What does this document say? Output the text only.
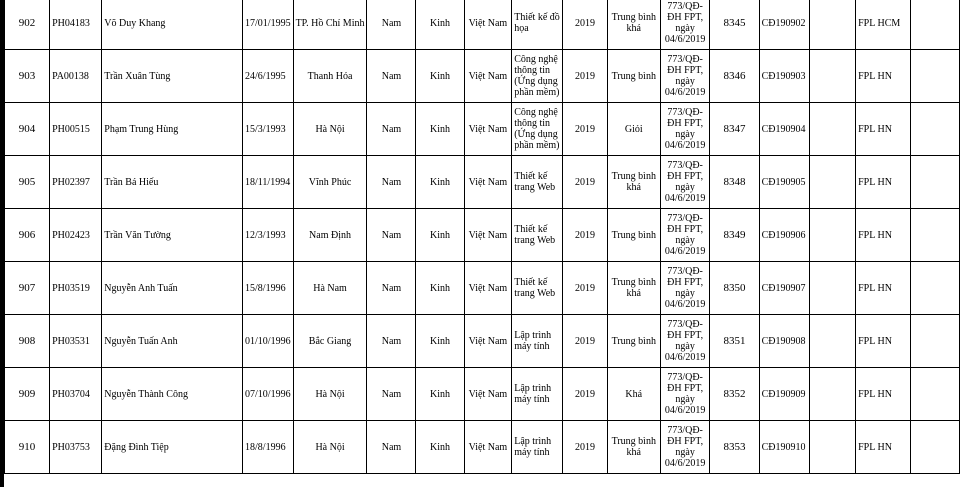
902	PH04183	Võ Duy Khang	17/01/1995	TP. Hồ Chí Minh	Nam	Kinh	Việt Nam	Thiết kế đồ họa	2019	Trung bình khá	773/QĐ-ĐH FPT, ngày 04/6/2019	8345	CĐ190902		FPL HCM	
903	PA00138	Trần Xuân Tùng	24/6/1995	Thanh Hóa	Nam	Kinh	Việt Nam	Công nghệ thông tin (Ứng dụng phần mềm)	2019	Trung bình	773/QĐ-ĐH FPT, ngày 04/6/2019	8346	CĐ190903		FPL HN	
904	PH00515	Phạm Trung Hùng	15/3/1993	Hà Nội	Nam	Kinh	Việt Nam	Công nghệ thông tin (Ứng dụng phần mềm)	2019	Giỏi	773/QĐ-ĐH FPT, ngày 04/6/2019	8347	CĐ190904		FPL HN	
905	PH02397	Trần Bá Hiếu	18/11/1994	Vĩnh Phúc	Nam	Kinh	Việt Nam	Thiết kế trang Web	2019	Trung bình khá	773/QĐ-ĐH FPT, ngày 04/6/2019	8348	CĐ190905		FPL HN	
906	PH02423	Trần Văn Tường	12/3/1993	Nam Định	Nam	Kinh	Việt Nam	Thiết kế trang Web	2019	Trung bình	773/QĐ-ĐH FPT, ngày 04/6/2019	8349	CĐ190906		FPL HN	
907	PH03519	Nguyễn Anh Tuấn	15/8/1996	Hà Nam	Nam	Kinh	Việt Nam	Thiết kế trang Web	2019	Trung bình khá	773/QĐ-ĐH FPT, ngày 04/6/2019	8350	CĐ190907		FPL HN	
908	PH03531	Nguyễn Tuấn Anh	01/10/1996	Bắc Giang	Nam	Kinh	Việt Nam	Lập trình máy tính	2019	Trung bình	773/QĐ-ĐH FPT, ngày 04/6/2019	8351	CĐ190908		FPL HN	
909	PH03704	Nguyễn Thành Công	07/10/1996	Hà Nội	Nam	Kinh	Việt Nam	Lập trình máy tính	2019	Khá	773/QĐ-ĐH FPT, ngày 04/6/2019	8352	CĐ190909		FPL HN	
910	PH03753	Đặng Đình Tiệp	18/8/1996	Hà Nội	Nam	Kinh	Việt Nam	Lập trình máy tính	2019	Trung bình khá	773/QĐ-ĐH FPT, ngày 04/6/2019	8353	CĐ190910		FPL HN	
